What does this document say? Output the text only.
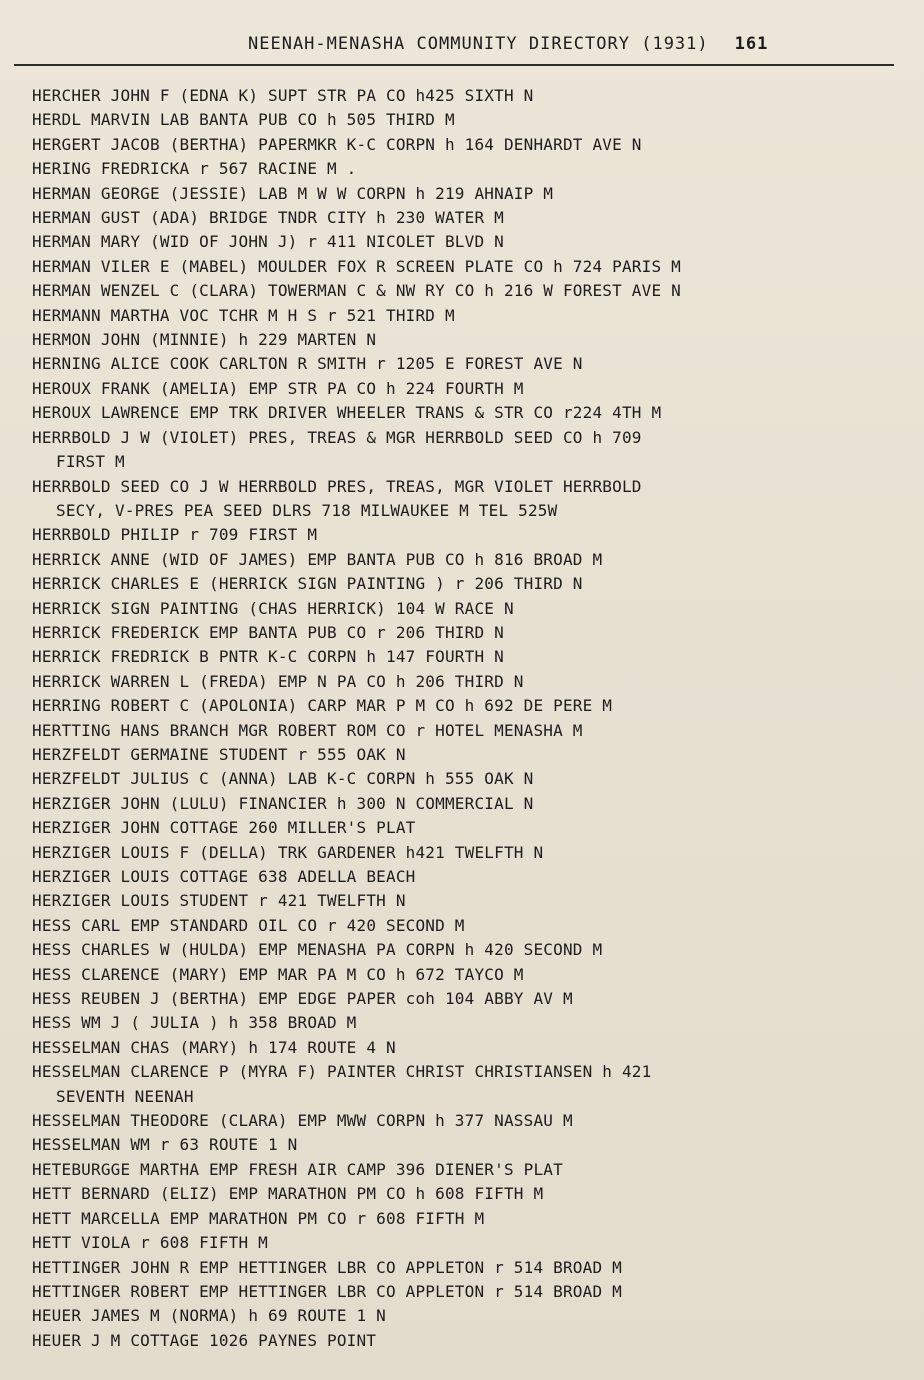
NEENAH-MENASHA COMMUNITY DIRECTORY (1931) 161
HERCHER JOHN F (EDNA K) SUPT STR PA CO h425 SIXTH N
HERDL MARVIN LAB BANTA PUB CO h 505 THIRD M
HERGERT JACOB (BERTHA) PAPERMKR K-C CORPN h 164 DENHARDT AVE N
HERING FREDRICKA r 567 RACINE M .
HERMAN GEORGE (JESSIE) LAB M W W CORPN h 219 AHNAIP M
HERMAN GUST (ADA) BRIDGE TNDR CITY h 230 WATER M
HERMAN MARY (WID OF JOHN J) r 411 NICOLET BLVD N
HERMAN VILER E (MABEL) MOULDER FOX R SCREEN PLATE CO h 724 PARIS M
HERMAN WENZEL C (CLARA) TOWERMAN C & NW RY CO h 216 W FOREST AVE N
HERMANN MARTHA VOC TCHR M H S r 521 THIRD M
HERMON JOHN (MINNIE) h 229 MARTEN N
HERNING ALICE COOK CARLTON R SMITH r 1205 E FOREST AVE N
HEROUX FRANK (AMELIA) EMP STR PA CO h 224 FOURTH M
HEROUX LAWRENCE EMP TRK DRIVER WHEELER TRANS & STR CO r224 4TH M
HERRBOLD J W (VIOLET) PRES, TREAS & MGR HERRBOLD SEED CO h 709
FIRST M
HERRBOLD SEED CO J W HERRBOLD PRES, TREAS, MGR VIOLET HERRBOLD
SECY, V-PRES PEA SEED DLRS 718 MILWAUKEE M TEL 525W
HERRBOLD PHILIP r 709 FIRST M
HERRICK ANNE (WID OF JAMES) EMP BANTA PUB CO h 816 BROAD M
HERRICK CHARLES E (HERRICK SIGN PAINTING ) r 206 THIRD N
HERRICK SIGN PAINTING (CHAS HERRICK) 104 W RACE N
HERRICK FREDERICK EMP BANTA PUB CO r 206 THIRD N
HERRICK FREDRICK B PNTR K-C CORPN h 147 FOURTH N
HERRICK WARREN L (FREDA) EMP N PA CO h 206 THIRD N
HERRING ROBERT C (APOLONIA) CARP MAR P M CO h 692 DE PERE M
HERTTING HANS BRANCH MGR ROBERT ROM CO r HOTEL MENASHA M
HERZFELDT GERMAINE STUDENT r 555 OAK N
HERZFELDT JULIUS C (ANNA) LAB K-C CORPN h 555 OAK N
HERZIGER JOHN (LULU) FINANCIER h 300 N COMMERCIAL N
HERZIGER JOHN COTTAGE 260 MILLER'S PLAT
HERZIGER LOUIS F (DELLA) TRK GARDENER h421 TWELFTH N
HERZIGER LOUIS COTTAGE 638 ADELLA BEACH
HERZIGER LOUIS STUDENT r 421 TWELFTH N
HESS CARL EMP STANDARD OIL CO r 420 SECOND M
HESS CHARLES W (HULDA) EMP MENASHA PA CORPN h 420 SECOND M
HESS CLARENCE (MARY) EMP MAR PA M CO h 672 TAYCO M
HESS REUBEN J (BERTHA) EMP EDGE PAPER coh 104 ABBY AV M
HESS WM J ( JULIA ) h 358 BROAD M
HESSELMAN CHAS (MARY) h 174 ROUTE 4 N
HESSELMAN CLARENCE P (MYRA F) PAINTER CHRIST CHRISTIANSEN h 421
SEVENTH NEENAH
HESSELMAN THEODORE (CLARA) EMP MWW CORPN h 377 NASSAU M
HESSELMAN WM r 63 ROUTE 1 N
HETEBURGGE MARTHA EMP FRESH AIR CAMP 396 DIENER'S PLAT
HETT BERNARD (ELIZ) EMP MARATHON PM CO h 608 FIFTH M
HETT MARCELLA EMP MARATHON PM CO r 608 FIFTH M
HETT VIOLA r 608 FIFTH M
HETTINGER JOHN R EMP HETTINGER LBR CO APPLETON r 514 BROAD M
HETTINGER ROBERT EMP HETTINGER LBR CO APPLETON r 514 BROAD M
HEUER JAMES M (NORMA) h 69 ROUTE 1 N
HEUER J M COTTAGE 1026 PAYNES POINT
